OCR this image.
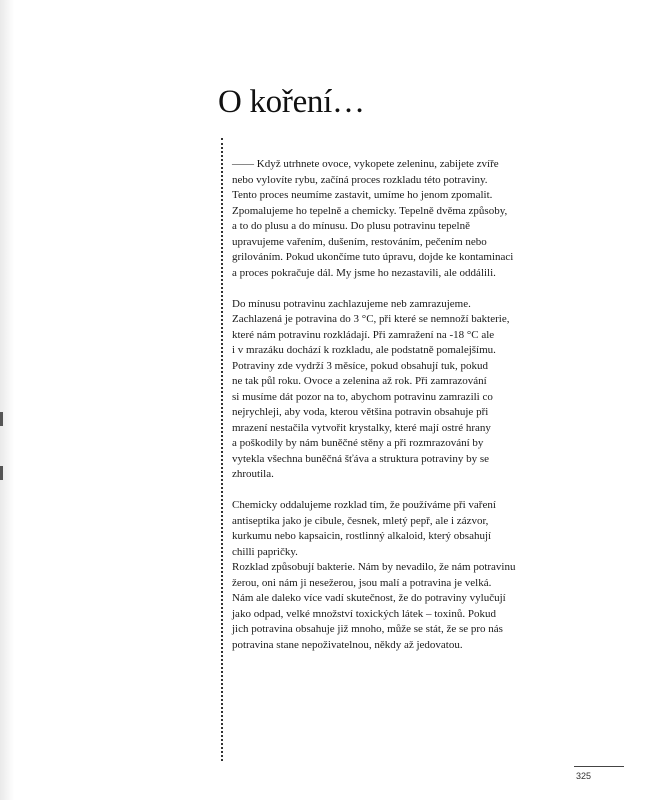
O koření…

—— Když utrhnete ovoce, vykopete zeleninu, zabijete zvíře
nebo vylovíte rybu, začíná proces rozkladu této potraviny.
Tento proces neumíme zastavit, umíme ho jenom zpomalit.
Zpomalujeme ho tepelně a chemicky. Tepelně dvěma způsoby,
a to do plusu a do mínusu. Do plusu potravinu tepelně
upravujeme vařením, dušením, restováním, pečením nebo
grilováním. Pokud ukončíme tuto úpravu, dojde ke kontaminaci
a proces pokračuje dál. My jsme ho nezastavili, ale oddálili.

Do mínusu potravinu zachlazujeme neb zamrazujeme.
Zachlazená je potravina do 3 °C, při které se nemnoží bakterie,
které nám potravinu rozkládají. Při zamražení na -18 °C ale
i v mrazáku dochází k rozkladu, ale podstatně pomalejšímu.
Potraviny zde vydrží 3 měsíce, pokud obsahují tuk, pokud
ne tak půl roku. Ovoce a zelenina až rok. Při zamrazování
si musíme dát pozor na to, abychom potravinu zamrazili co
nejrychleji, aby voda, kterou většina potravin obsahuje při
mrazení nestačila vytvořit krystalky, které mají ostré hrany
a poškodily by nám buněčné stěny a při rozmrazování by
vytekla všechna buněčná šťáva a struktura potraviny by se
zhroutila.

Chemicky oddalujeme rozklad tím, že používáme při vaření
antiseptika jako je cibule, česnek, mletý pepř, ale i zázvor,
kurkumu nebo kapsaicin, rostlinný alkaloid, který obsahují
chilli papričky.

Rozklad způsobují bakterie. Nám by nevadilo, že nám potravinu
žerou, oni nám ji nesežerou, jsou malí a potravina je velká.
Nám ale daleko více vadí skutečnost, že do potraviny vylučují
jako odpad, velké množství toxických látek – toxinů. Pokud
jich potravina obsahuje již mnoho, může se stát, že se pro nás
potravina stane nepoživatelnou, někdy až jedovatou.

325
